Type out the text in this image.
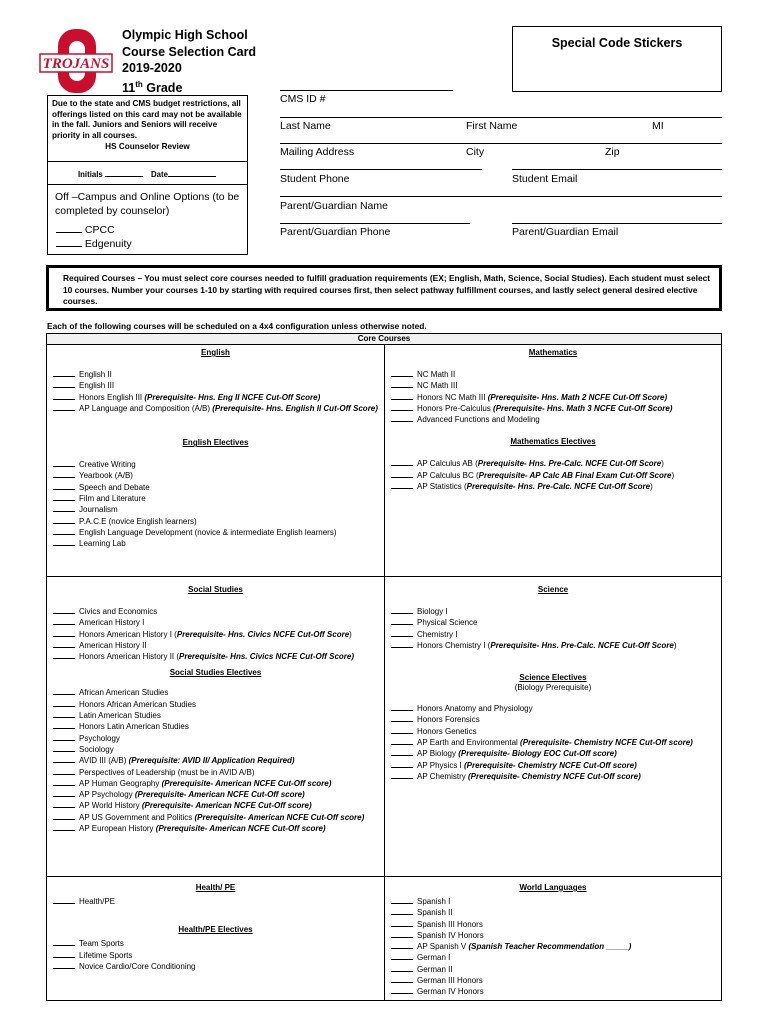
TROJANS
Olympic High School
Course Selection Card
2019-2020
11th Grade
Special Code Stickers
Due to the state and CMS budget restrictions, all offerings listed on this card may not be available in the fall. Juniors and Seniors will receive priority in all courses.
HS Counselor Review
Initials	Date
Off –Campus and Online Options (to be completed by counselor)
CPCC
Edgenuity
CMS ID #
Last Name	First Name	MI
Mailing Address	City	Zip
Student Phone	Student Email
Parent/Guardian Name
Parent/Guardian Phone	Parent/Guardian Email
Required Courses – You must select core courses needed to fulfill graduation requirements (EX; English, Math, Science, Social Studies). Each student must select 10 courses. Number your courses 1-10 by starting with required courses first, then select pathway fulfillment courses, and lastly select general desired elective courses.
Each of the following courses will be scheduled on a 4x4 configuration unless otherwise noted.
Core Courses
English
English II
English III
Honors English III (Prerequisite- Hns. Eng II NCFE Cut-Off Score)
AP Language and Composition (A/B) (Prerequisite- Hns. English II Cut-Off Score)
English Electives
Creative Writing
Yearbook (A/B)
Speech and Debate
Film and Literature
Journalism
P.A.C.E (novice English learners)
English Language Development (novice & intermediate English learners)
Learning Lab
Mathematics
NC Math II
NC Math III
Honors NC Math III (Prerequisite- Hns. Math 2 NCFE Cut-Off Score)
Honors Pre-Calculus (Prerequisite- Hns. Math 3 NCFE Cut-Off Score)
Advanced Functions and Modeling
Mathematics Electives
AP Calculus AB (Prerequisite- Hns. Pre-Calc. NCFE Cut-Off Score)
AP Calculus BC (Prerequisite- AP Calc AB Final Exam Cut-Off Score)
AP Statistics (Prerequisite- Hns. Pre-Calc. NCFE Cut-Off Score)
Social Studies
Civics and Economics
American History I
Honors American History I (Prerequisite- Hns. Civics NCFE Cut-Off Score)
American History II
Honors American History II (Prerequisite- Hns. Civics NCFE Cut-Off Score)
Social Studies Electives
African American Studies
Honors African American Studies
Latin American Studies
Honors Latin American Studies
Psychology
Sociology
AVID III (A/B) (Prerequisite: AVID II/ Application Required)
Perspectives of Leadership (must be in AVID A/B)
AP Human Geography (Prerequisite- American NCFE Cut-Off score)
AP Psychology (Prerequisite- American NCFE Cut-Off score)
AP World History (Prerequisite- American NCFE Cut-Off score)
AP US Government and Politics (Prerequisite- American NCFE Cut-Off score)
AP European History (Prerequisite- American NCFE Cut-Off score)
Science
Biology I
Physical Science
Chemistry I
Honors Chemistry I (Prerequisite- Hns. Pre-Calc. NCFE Cut-Off Score)
Science Electives
(Biology Prerequisite)
Honors Anatomy and Physiology
Honors Forensics
Honors Genetics
AP Earth and Environmental (Prerequisite- Chemistry NCFE Cut-Off score)
AP Biology (Prerequisite- Biology EOC Cut-Off score)
AP Physics I (Prerequisite- Chemistry NCFE Cut-Off score)
AP Chemistry (Prerequisite- Chemistry NCFE Cut-Off score)
Health/ PE
Health/PE
Health/PE Electives
Team Sports
Lifetime Sports
Novice Cardio/Core Conditioning
World Languages
Spanish I
Spanish II
Spanish III Honors
Spanish IV Honors
AP Spanish V (Spanish Teacher Recommendation _____)
German I
German II
German III Honors
German IV Honors
